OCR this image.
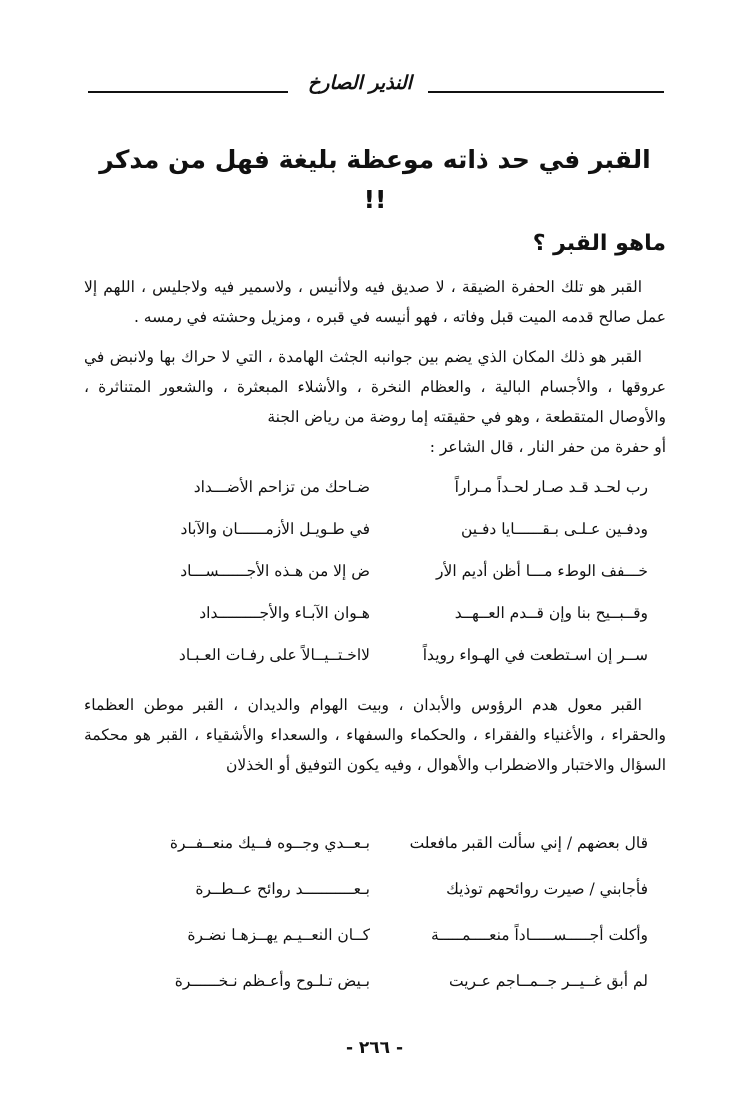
النذير الصارخ
القبر في حد ذاته موعظة بليغة فهل من مدكر !!
ماهو القبر ؟

القبر هو تلك الحفرة الضيقة ، لا صديق فيه ولاأنيس ، ولاسمير فيه ولاجليس ، اللهم إلا عمل صالح قدمه الميت قبل وفاته ، فهو أنيسه في قبره ، ومزيل وحشته في رمسه .

القبر هو ذلك المكان الذي يضم بين جوانبه الجثث الهامدة ، التي لا حراك بها ولانبض في عروقها ، والأجسام البالية ، والعظام النخرة ، والأشلاء المبعثرة ، والشعور المتناثرة ، والأوصال المتقطعة ، وهو في حقيقته إما روضة من رياض الجنة

أو حفرة من حفر النار ، قال الشاعر :

رب لحـد قـد صـار لحـداً مـراراً
ضـاحك من تزاحم الأضـــداد
ودفـين عـلـى بـقــــــايا دفـين
في طـويـل الأزمــــــان والآباد
خـــفف الوطء مـــا أظن أديم الأر
ض إلا من هـذه الأجــــــســـاد
وقــبــيح بنا وإن قــدم العــهــد
هـوان الآبـاء والأجـــــــــداد
ســر إن اسـتطعت في الهـواء رويداً
لااخـتــيــالاً على رفـات العـبـاد

القبر معول هدم الرؤوس والأبدان ، وبيت الهوام والديدان ، القبر موطن العظماء والحقراء ، والأغنياء والفقراء ، والحكماء والسفهاء ، والسعداء والأشقياء ، القبر هو محكمة السؤال والاختبار والاضطراب والأهوال ، وفيه يكون التوفيق أو الخذلان

قال بعضهم / إني سألت القبر مافعلت
بـعــدي وجــوه فــيك منعــفــرة
فأجابني / صيرت روائحهم توذيك
بـعـــــــــــد روائح عــطــرة
وأكلت أجـــــســـــاداً منعــــمـــــة
كــان النعــيـم يهــزهـا نضـرة
لم أبق غــيــر جــمــاجم عـريت
بـيض تـلـوح وأعـظم نـخــــــرة
- ٢٦٦ -
